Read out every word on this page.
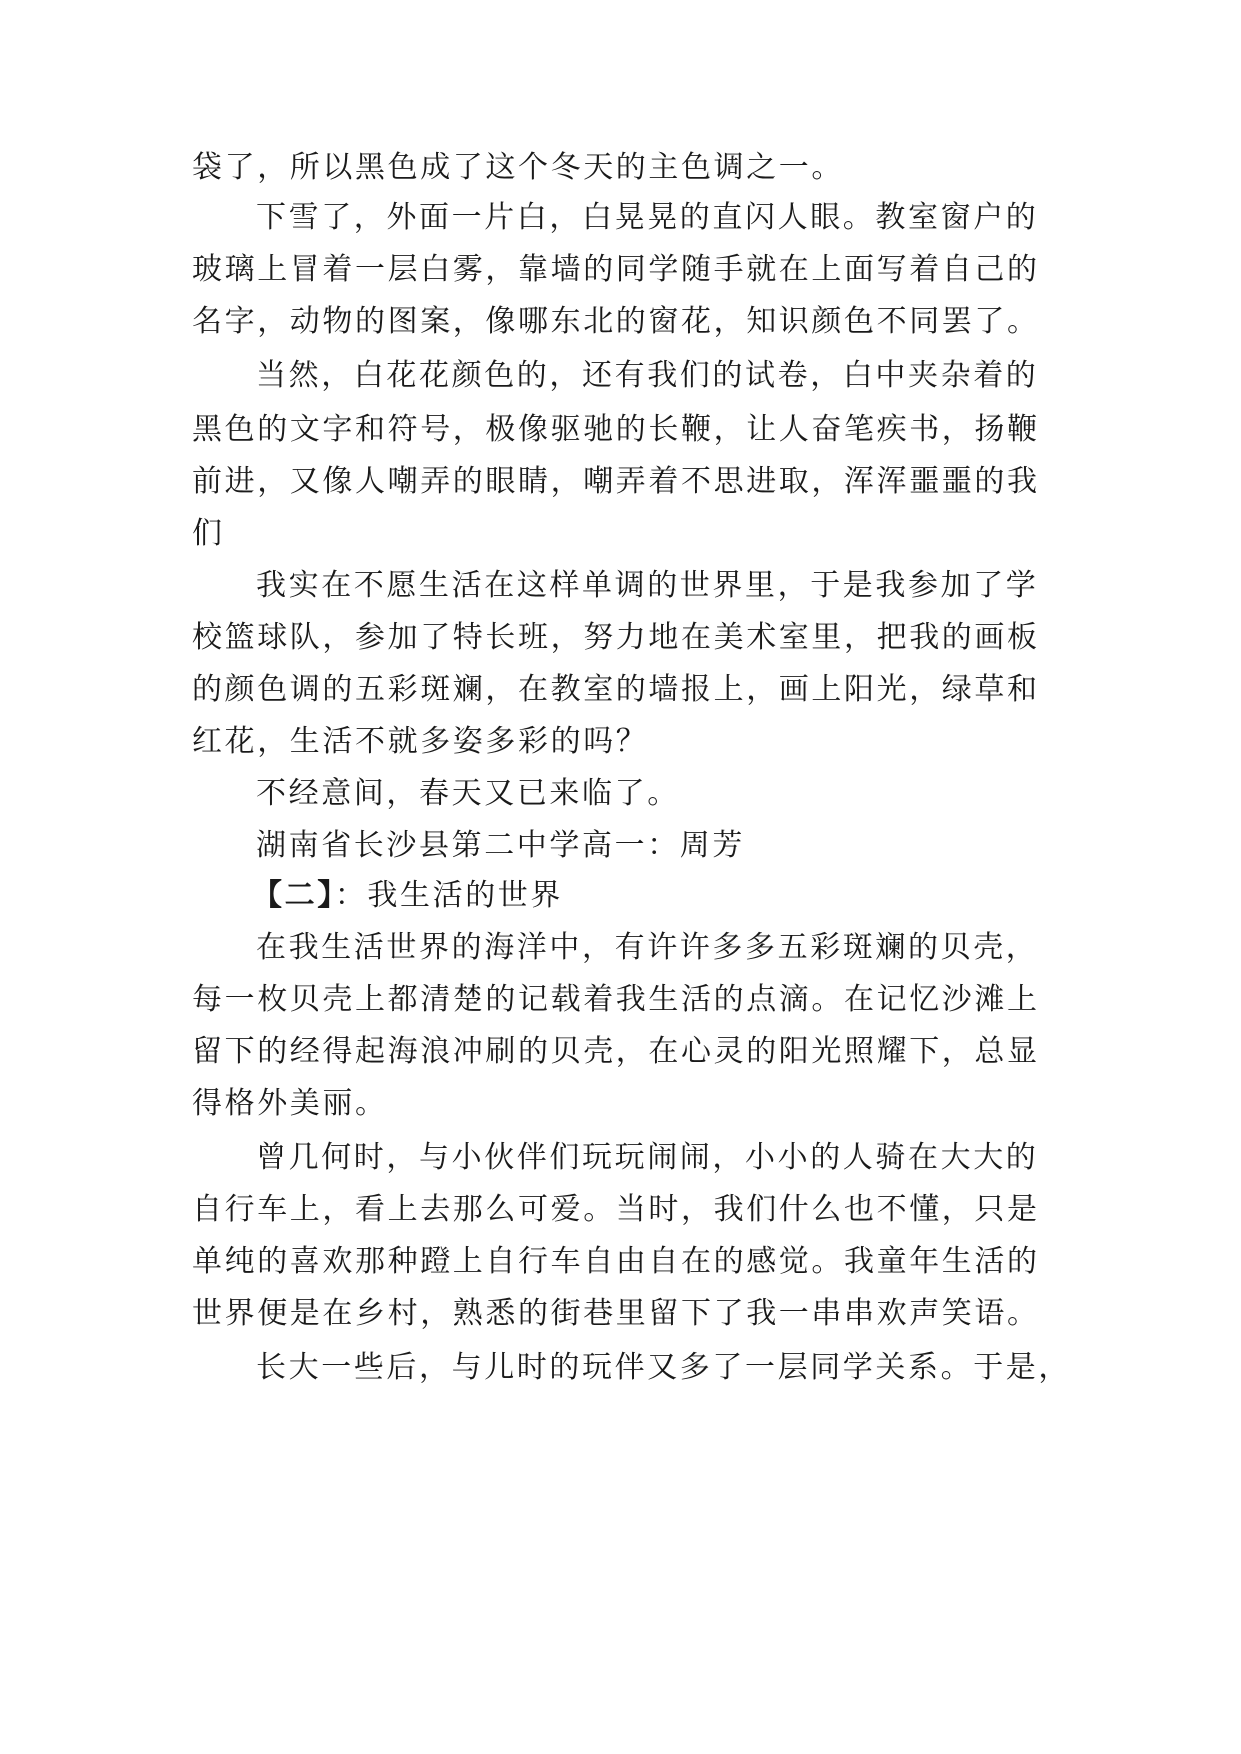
袋了，所以黑色成了这个冬天的主色调之一。
下雪了，外面一片白，白晃晃的直闪人眼。教室窗户的
玻璃上冒着一层白雾，靠墙的同学随手就在上面写着自己的
名字，动物的图案，像哪东北的窗花，知识颜色不同罢了。
当然，白花花颜色的，还有我们的试卷，白中夹杂着的
黑色的文字和符号，极像驱驰的长鞭，让人奋笔疾书，扬鞭
前进，又像人嘲弄的眼睛，嘲弄着不思进取，浑浑噩噩的我
们
我实在不愿生活在这样单调的世界里，于是我参加了学
校篮球队，参加了特长班，努力地在美术室里，把我的画板
的颜色调的五彩斑斓，在教室的墙报上，画上阳光，绿草和
红花，生活不就多姿多彩的吗？
不经意间，春天又已来临了。
湖南省长沙县第二中学高一：周芳
【二】：我生活的世界
在我生活世界的海洋中，有许许多多五彩斑斓的贝壳，
每一枚贝壳上都清楚的记载着我生活的点滴。在记忆沙滩上
留下的经得起海浪冲刷的贝壳，在心灵的阳光照耀下，总显
得格外美丽。
曾几何时，与小伙伴们玩玩闹闹，小小的人骑在大大的
自行车上，看上去那么可爱。当时，我们什么也不懂，只是
单纯的喜欢那种蹬上自行车自由自在的感觉。我童年生活的
世界便是在乡村，熟悉的街巷里留下了我一串串欢声笑语。
长大一些后，与儿时的玩伴又多了一层同学关系。于是，
